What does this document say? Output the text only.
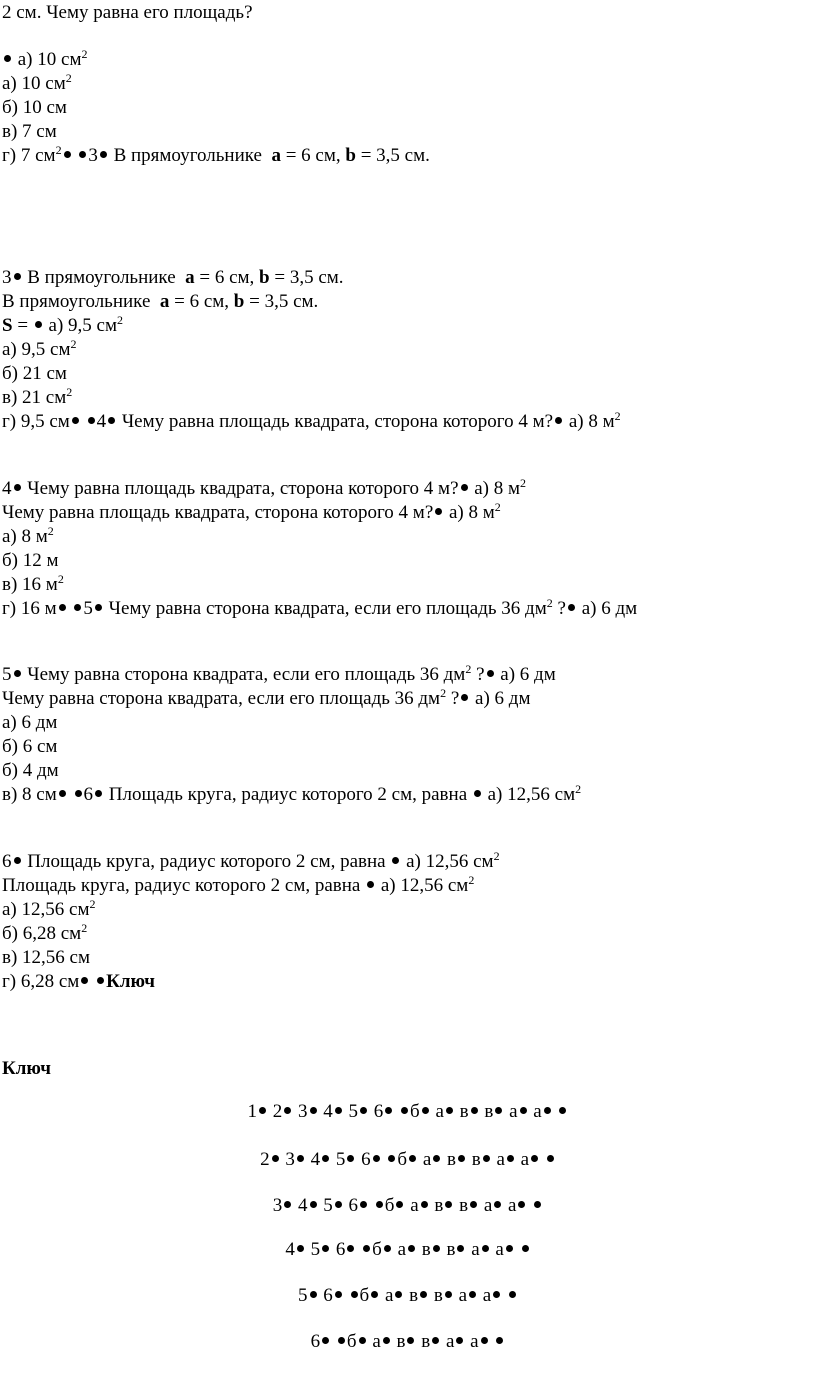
2 см. Чему равна его площадь?
а) 10 $см^2$
а) 10 $см^2$
б) 10 см
в) 7 см
г) 7 $см^2$ 3 В прямоугольнике a = 6 см, b = 3,5 см.
3 В прямоугольнике a = 6 см, b = 3,5 см.
В прямоугольнике a = 6 см, b = 3,5 см.
S = а) 9,5 $см^2$
а) 9,5 $см^2$
б) 21 см
в) 21 $см^2$
г) 9,5 см 4 Чему равна площадь квадрата, сторона которого 4 м? а) 8 $м^2$
4 Чему равна площадь квадрата, сторона которого 4 м? а) 8 $м^2$
Чему равна площадь квадрата, сторона которого 4 м? а) 8 $м^2$
а) 8 $м^2$
б) 12 м
в) 16 $м^2$
г) 16 м 5 Чему равна сторона квадрата, если его площадь 36 $дм^2$ ? а) 6 дм
5 Чему равна сторона квадрата, если его площадь 36 $дм^2$ ? а) 6 дм
Чему равна сторона квадрата, если его площадь 36 $дм^2$ ? а) 6 дм
а) 6 дм
б) 6 см
б) 4 дм
в) 8 см 6 Площадь круга, радиус которого 2 см, равна а) 12,56 $см^2$
6 Площадь круга, радиус которого 2 см, равна а) 12,56 $см^2$
Площадь круга, радиус которого 2 см, равна а) 12,56 $см^2$
а) 12,56 $см^2$
б) 6,28 $см^2$
в) 12,56 см
г) 6,28 см Ключ
Ключ
1 2 3 4 5 6 б а в в а а
2 3 4 5 6 б а в в а а
3 4 5 6 б а в в а а
4 5 6 б а в в а а
5 6 б а в в а а
6 б а в в а а
